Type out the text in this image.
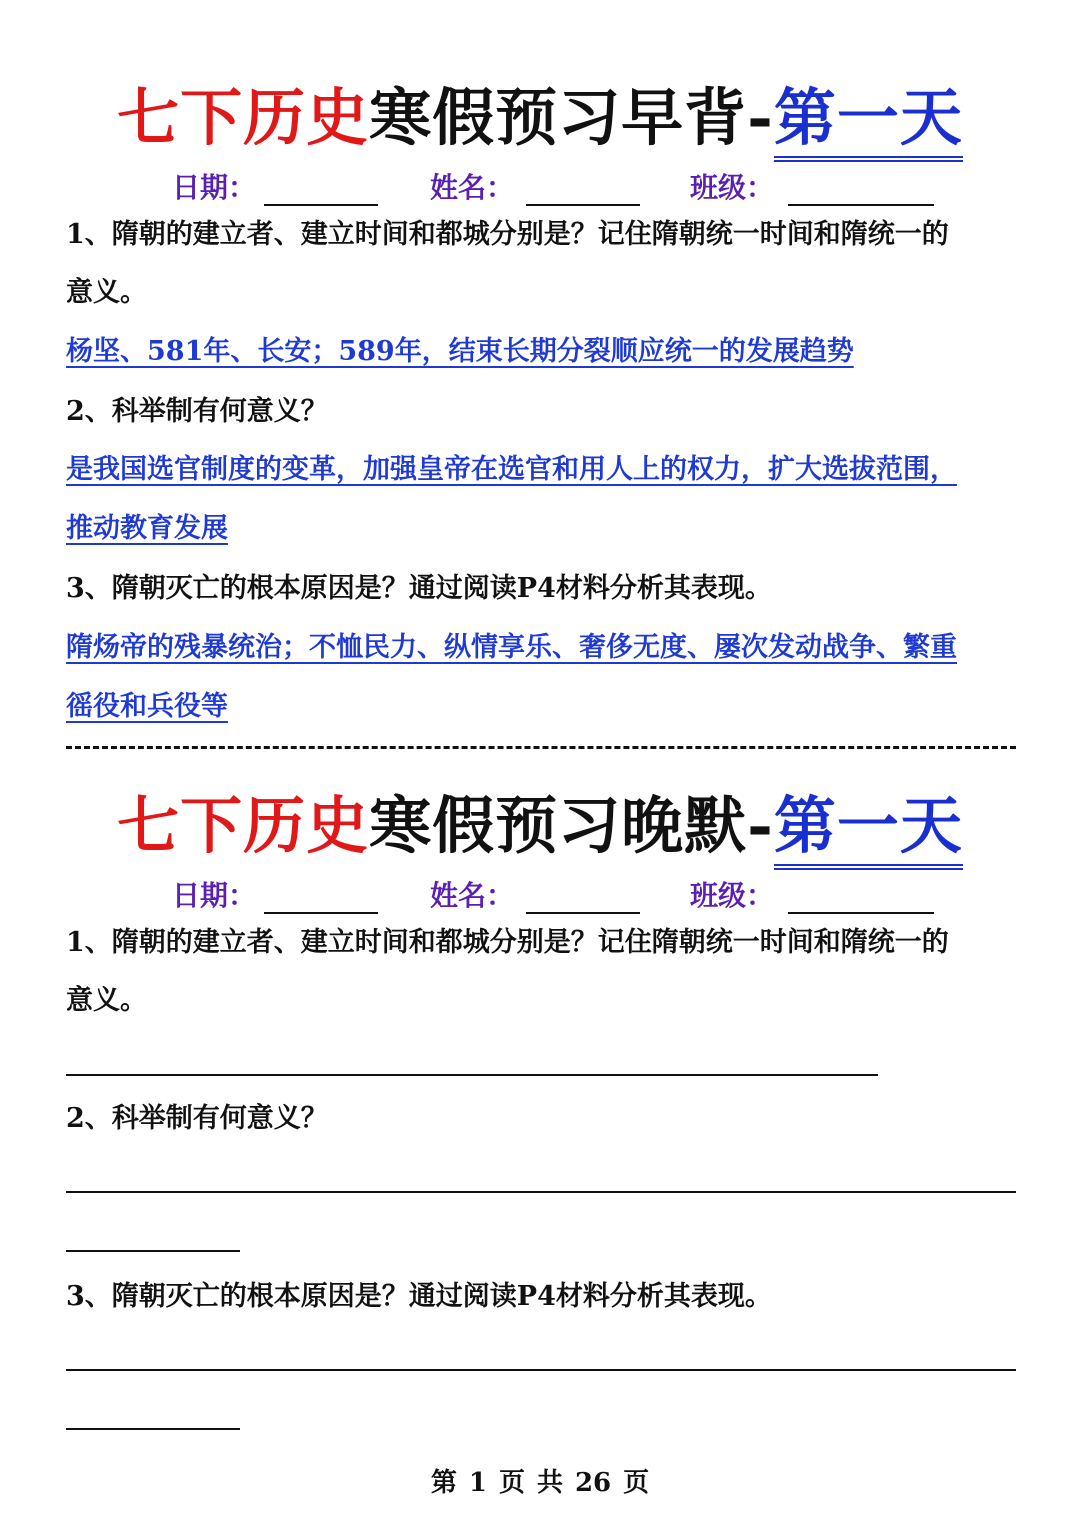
七下历史寒假预习早背-第一天
日期：	姓名：	班级：
1、隋朝的建立者、建立时间和都城分别是？记住隋朝统一时间和隋统一的
意义。
杨坚、581年、长安；589年，结束长期分裂顺应统一的发展趋势
2、科举制有何意义？
是我国选官制度的变革，加强皇帝在选官和用人上的权力，扩大选拔范围，
推动教育发展
3、隋朝灭亡的根本原因是？通过阅读P4材料分析其表现。
隋炀帝的残暴统治；不恤民力、纵情享乐、奢侈无度、屡次发动战争、繁重
徭役和兵役等
七下历史寒假预习晚默-第一天
日期：	姓名：	班级：
1、隋朝的建立者、建立时间和都城分别是？记住隋朝统一时间和隋统一的
意义。
2、科举制有何意义？
3、隋朝灭亡的根本原因是？通过阅读P4材料分析其表现。
第 1 页 共 26 页
